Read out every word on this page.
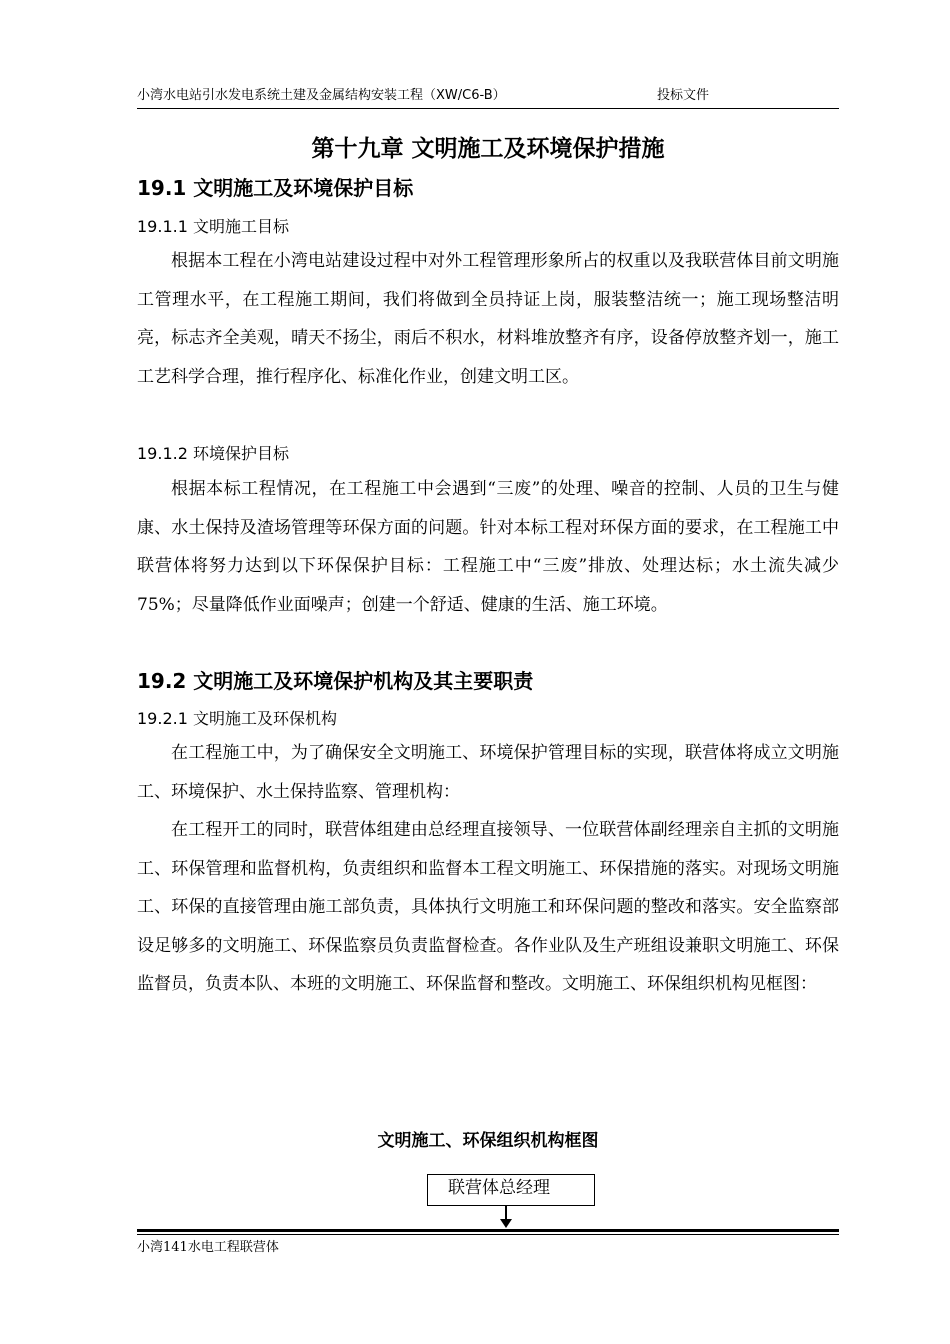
小湾水电站引水发电系统土建及金属结构安装工程（XW/C6-B）	投标文件
第十九章 文明施工及环境保护措施
19.1 文明施工及环境保护目标
19.1.1 文明施工目标

根据本工程在小湾电站建设过程中对外工程管理形象所占的权重以及我联营体目前文明施工管理水平，在工程施工期间，我们将做到全员持证上岗，服装整洁统一；施工现场整洁明亮，标志齐全美观，晴天不扬尘，雨后不积水，材料堆放整齐有序，设备停放整齐划一，施工工艺科学合理，推行程序化、标准化作业，创建文明工区。

19.1.2 环境保护目标

根据本标工程情况，在工程施工中会遇到“三废”的处理、噪音的控制、人员的卫生与健康、水土保持及渣场管理等环保方面的问题。针对本标工程对环保方面的要求，在工程施工中联营体将努力达到以下环保保护目标：工程施工中“三废”排放、处理达标；水土流失减少75%；尽量降低作业面噪声；创建一个舒适、健康的生活、施工环境。

19.2 文明施工及环境保护机构及其主要职责
19.2.1 文明施工及环保机构

在工程施工中，为了确保安全文明施工、环境保护管理目标的实现，联营体将成立文明施工、环境保护、水土保持监察、管理机构：

在工程开工的同时，联营体组建由总经理直接领导、一位联营体副经理亲自主抓的文明施工、环保管理和监督机构，负责组织和监督本工程文明施工、环保措施的落实。对现场文明施工、环保的直接管理由施工部负责，具体执行文明施工和环保问题的整改和落实。安全监察部设足够多的文明施工、环保监察员负责监督检查。各作业队及生产班组设兼职文明施工、环保监督员，负责本队、本班的文明施工、环保监督和整改。文明施工、环保组织机构见框图：

文明施工、环保组织机构框图
联营体总经理
小湾141水电工程联营体
